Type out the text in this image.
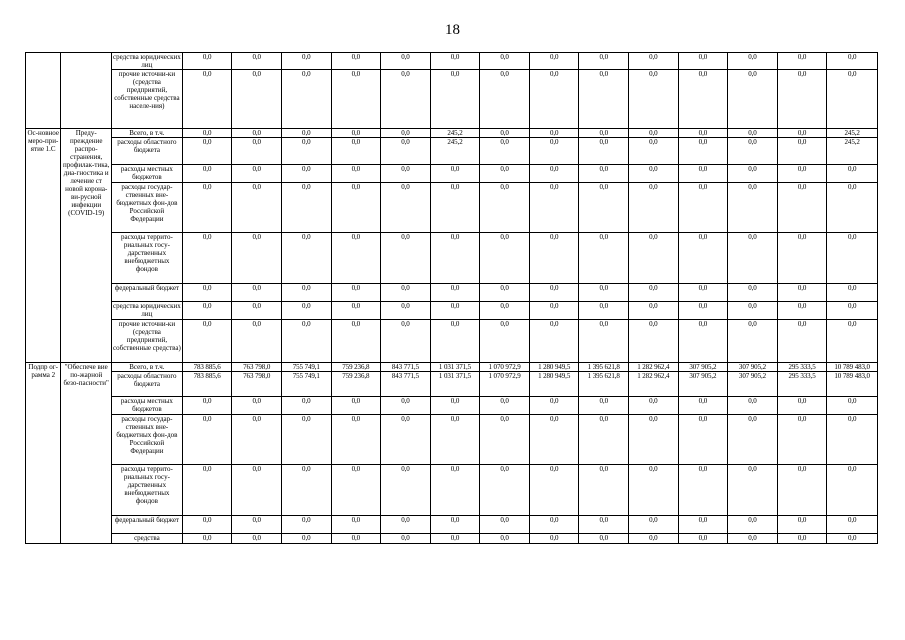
18
		средства юридических лиц	0,0	0,0	0,0	0,0	0,0	0,0	0,0	0,0	0,0	0,0	0,0	0,0	0,0	0,0
		прочие источни-ки (средства предприятий, собственные средства населе-ния)	0,0	0,0	0,0	0,0	0,0	0,0	0,0	0,0	0,0	0,0	0,0	0,0	0,0	0,0
Ос-новное меро-при-ятие 1.С	Преду-преждение распро-странения, профилак-тика, диа-гностика и лечение ст новой корона-ви-русной инфекции (COVID-19)	Всего, в т.ч.	0,0	0,0	0,0	0,0	0,0	245,2	0,0	0,0	0,0	0,0	0,0	0,0	0,0	245,2
		расходы областного бюджета	0,0	0,0	0,0	0,0	0,0	245,2	0,0	0,0	0,0	0,0	0,0	0,0	0,0	245,2
		расходы местных бюджетов	0,0	0,0	0,0	0,0	0,0	0,0	0,0	0,0	0,0	0,0	0,0	0,0	0,0	0,0
		расходы государ-ственных вне-бюджетных фон-дов Российской Федерации	0,0	0,0	0,0	0,0	0,0	0,0	0,0	0,0	0,0	0,0	0,0	0,0	0,0	0,0
		расходы террито-риальных госу-дарственных внебюджетных фондов	0,0	0,0	0,0	0,0	0,0	0,0	0,0	0,0	0,0	0,0	0,0	0,0	0,0	0,0
		федеральный бюджет	0,0	0,0	0,0	0,0	0,0	0,0	0,0	0,0	0,0	0,0	0,0	0,0	0,0	0,0
		средства юридических лиц	0,0	0,0	0,0	0,0	0,0	0,0	0,0	0,0	0,0	0,0	0,0	0,0	0,0	0,0
		прочие источни-ки (средства предприятий, собственные средства)	0,0	0,0	0,0	0,0	0,0	0,0	0,0	0,0	0,0	0,0	0,0	0,0	0,0	0,0
Подпр ог-рамма 2	"Обеспече вие по-жарной безо-пасности"	Всего, в т.ч.	783 885,6	763 798,0	755 749,1	759 236,8	843 771,5	1 031 371,5	1 070 972,9	1 280 949,5	1 395 621,8	1 282 962,4	307 905,2	307 905,2	295 333,5	10 789 483,0
		расходы областного бюджета	783 885,6	763 798,0	755 749,1	759 236,8	843 771,5	1 031 371,5	1 070 972,9	1 280 949,5	1 395 621,8	1 282 962,4	307 905,2	307 905,2	295 333,5	10 789 483,0
		расходы местных бюджетов	0,0	0,0	0,0	0,0	0,0	0,0	0,0	0,0	0,0	0,0	0,0	0,0	0,0	0,0
		расходы государ-ственных вне-бюджетных фон-дов Российской Федерации	0,0	0,0	0,0	0,0	0,0	0,0	0,0	0,0	0,0	0,0	0,0	0,0	0,0	0,0
		расходы террито-риальных госу-дарственных внебюджетных фондов	0,0	0,0	0,0	0,0	0,0	0,0	0,0	0,0	0,0	0,0	0,0	0,0	0,0	0,0
		федеральный бюджет	0,0	0,0	0,0	0,0	0,0	0,0	0,0	0,0	0,0	0,0	0,0	0,0	0,0	0,0
		средства	0,0	0,0	0,0	0,0	0,0	0,0	0,0	0,0	0,0	0,0	0,0	0,0	0,0	0,0
